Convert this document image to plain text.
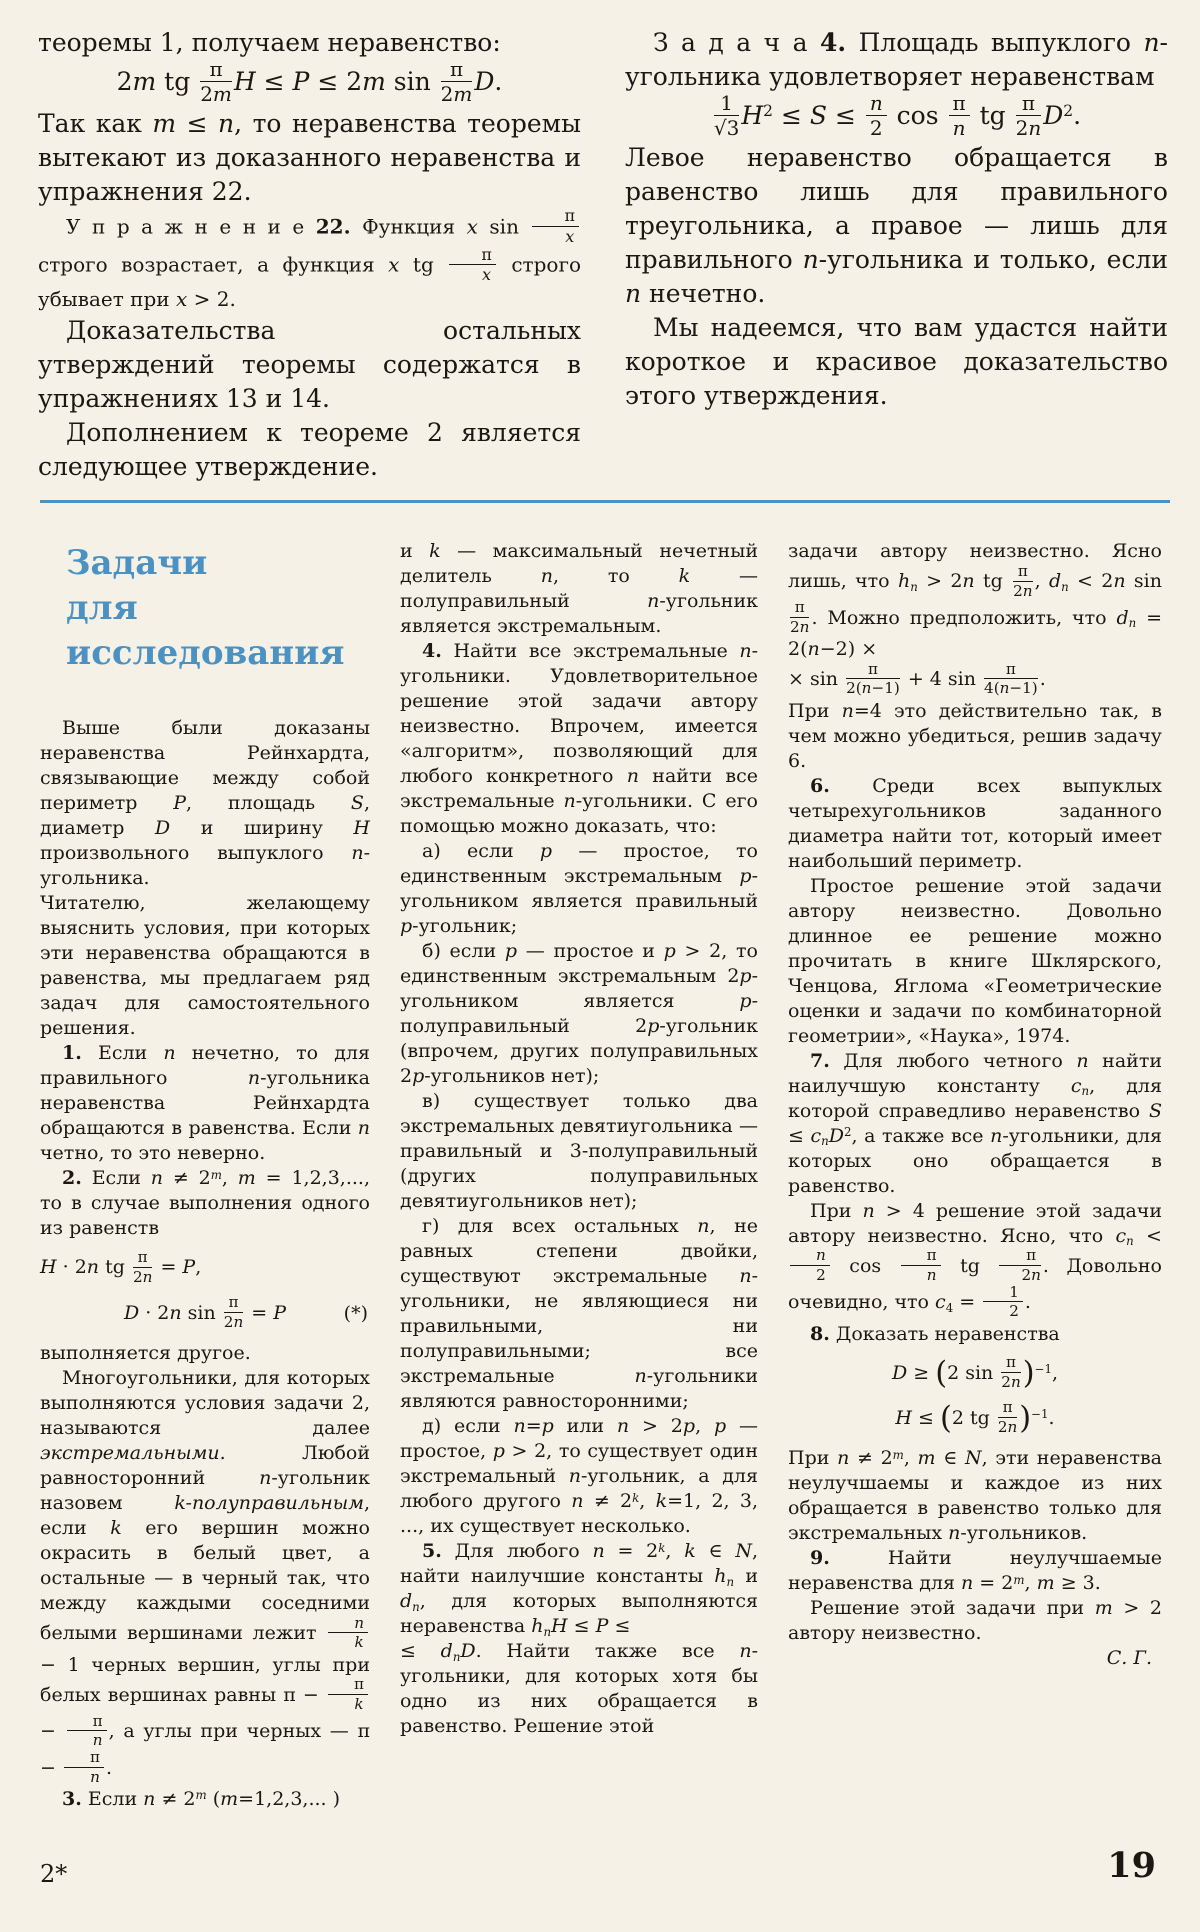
теоремы 1, получаем неравенство:
2m tg $\frac{\pi}{2m}$ H ≤ P ≤ 2m $\sin \frac{\pi}{2m} D$.
Так как m ≤ n, то неравенства теоремы вытекают из доказанного неравенства и упражнения 22.
У п р а ж н е н и е 22. Функция x $\sin \frac{\pi}{x}$
строго возрастает, а функция x tg $\frac{\pi}{x}$ строго убывает при x > 2.
Доказательства остальных утверждений теоремы содержатся в упражнениях 13 и 14.
Дополнением к теореме 2 является следующее утверждение.
З а д а ч а 4. Площадь выпуклого n-угольника удовлетворяет неравенствам
$\frac{1}{√3} H^2 \le S \le \frac{n}{2}$ $\cos \frac{\pi}{n}$ tg $\frac{\pi}{2n} D^2$.
Левое неравенство обращается в равенство лишь для правильного треугольника, а правое — лишь для правильного n-угольника и только, если n нечетно.
Мы надеемся, что вам удастся найти короткое и красивое доказательство этого утверждения.
Задачи
для
исследования
Выше были доказаны неравенства Рейнхардта, связывающие между собой периметр P, площадь S, диаметр D и ширину H произвольного выпуклого n-угольника.
Читателю, желающему выяснить условия, при которых эти неравенства обращаются в равенства, мы предлагаем ряд задач для самостоятельного решения.
1. Если n нечетно, то для правильного n-угольника неравенства Рейнхардта обращаются в равенства. Если n четно, то это неверно.
2. Если $n \ne 2^m$, m = 1,2,3,..., то в случае выполнения одного из равенств
H · 2n tg $\frac{\pi}{2n} = P$,
D · 2n $\sin \frac{\pi}{2n} = P$	(*)
выполняется другое.
Многоугольники, для которых выполняются условия задачи 2, называются далее экстремальными. Любой равносторонний n-угольник назовем k-полуправильным, если k его вершин можно окрасить в белый цвет, а остальные — в черный так, что между каждыми соседними белыми вершинами лежит $\frac{n}{k}$
− 1 черных вершин, углы при белых вершинах равны $\pi - \frac{\pi}{k}$
− $\frac{\pi}{n}$ , а углы при черных — $\pi - \frac{\pi}{n}$ .
3. Если $n \ne 2^m$ (m=1,2,3,... )
и k — максимальный нечетный делитель n, то k — полуправильный n-угольник является экстремальным.
4. Найти все экстремальные n-угольники. Удовлетворительное решение этой задачи автору неизвестно. Впрочем, имеется «алгоритм», позволяющий для любого конкретного n найти все экстремальные n-угольники. С его помощью можно доказать, что:
а) если p — простое, то единственным экстремальным p-угольником является правильный p-угольник;
б) если p — простое и p > 2, то единственным экстремальным 2p-угольником является p-полуправильный 2p-угольник (впрочем, других полуправильных 2p-угольников нет);
в) существует только два экстремальных девятиугольника — правильный и 3-полуправильный (других полуправильных девятиугольников нет);
г) для всех остальных n, не равных степени двойки, существуют экстремальные n-угольники, не являющиеся ни правильными, ни полуправильными; все экстремальные n-угольники являются равносторонними;
д) если n=p или n > 2p, p — простое, p > 2, то существует один экстремальный n-угольник, а для любого другого $n \ne 2^k$, k=1, 2, 3, ..., их существует несколько.
5. Для любого $n = 2^k$, k ∈ N, найти наилучшие константы $h_n$ и $d_n$, для которых выполняются неравенства $h_nH \le P$ ≤
≤ $d_nD$. Найти также все n-угольники, для которых хотя бы одно из них обращается в равенство. Решение этой
задачи автору неизвестно. Ясно лишь, что $h_n > 2n$ tg $\frac{\pi}{2n}$ , $d_n < 2n$ sin
$\frac{\pi}{2n}$ . Можно предположить, что $d_n = 2(n-2)$ ×
× $\sin \frac{\pi}{2(n-1)} + 4$ $\sin \frac{\pi}{4(n-1)}$ .
При n=4 это действительно так, в чем можно убедиться, решив задачу 6.
6. Среди всех выпуклых четырехугольников заданного диаметра найти тот, который имеет наибольший периметр.
Простое решение этой задачи автору неизвестно. Довольно длинное ее решение можно прочитать в книге Шклярского, Ченцова, Яглома «Геометрические оценки и задачи по комбинаторной геометрии», «Наука», 1974.
7. Для любого четного n найти наилучшую константу $c_n$, для которой справедливо неравенство $S \le c_nD^2$, а также все n-угольники, для которых оно обращается в равенство.
При n > 4 решение этой задачи автору неизвестно. Ясно, что $c_n$ <
$\frac{n}{2}$ $\cos \frac{\pi}{n}$ tg $\frac{\pi}{2n}$ . Довольно очевидно, что $c_4 = \frac{1}{2}$ .
8. Доказать неравенства
D ≥ (2 $\sin \frac{\pi}{2n} )^{-1}$,
H ≤ (2 tg $\frac{\pi}{2n} )^{-1}$.
При $n \ne 2^m$, m ∈ N, эти неравенства неулучшаемы и каждое из них обращается в равенство только для экстремальных n-угольников.
9. Найти неулучшаемые неравенства для $n = 2^m$, m ≥ 3.
Решение этой задачи при m > 2 автору неизвестно.
С. Г.
2*	19
